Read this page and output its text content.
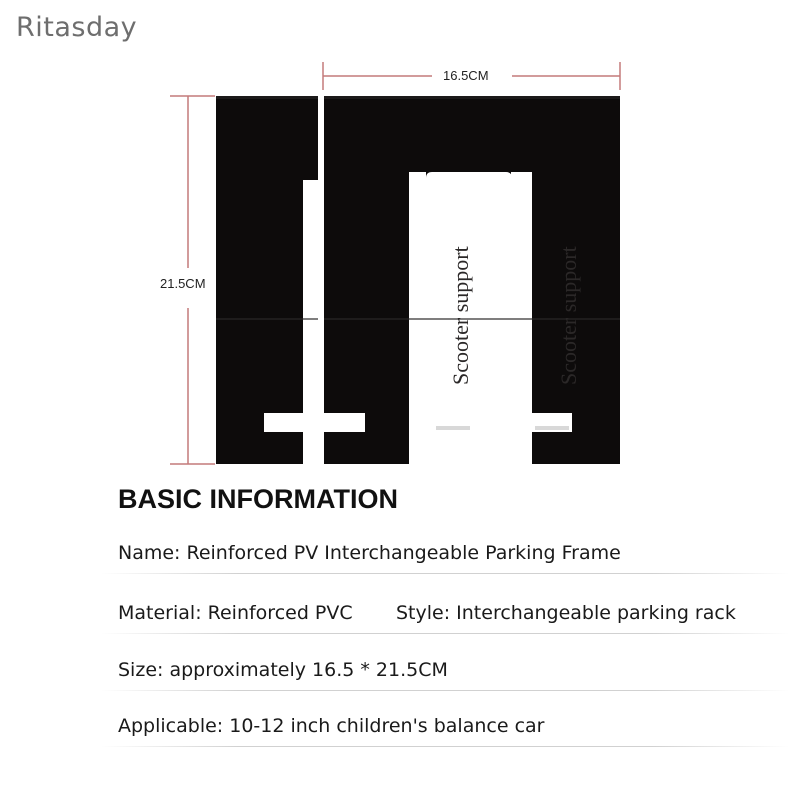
Ritasday
Scooter support	Scooter support
16.5CM
21.5CM
BASIC INFORMATION
Name: Reinforced PV Interchangeable Parking Frame
Material: Reinforced PVC Style: Interchangeable parking rack
Size: approximately 16.5 * 21.5CM
Applicable: 10-12 inch children's balance car
